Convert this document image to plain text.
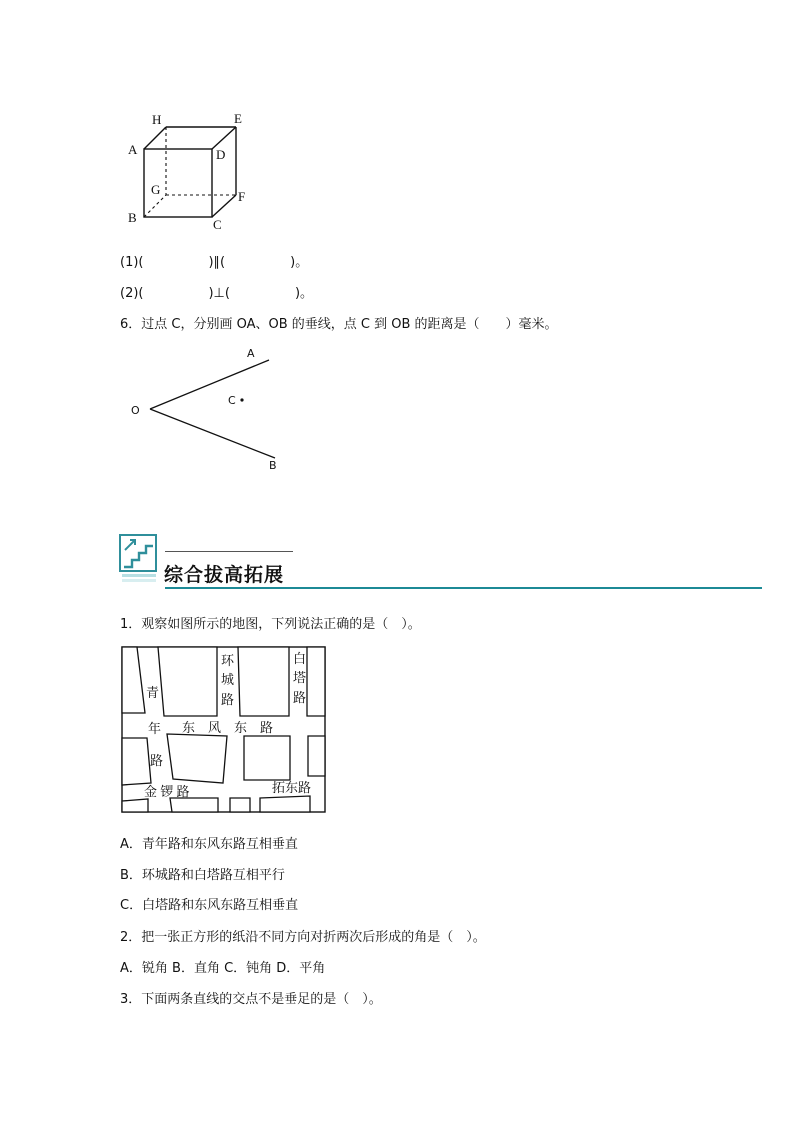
H	E
A	D
G	F
B	C
(1)(　　　　　)∥(　　　　　)。
(2)(　　　　　)⊥(　　　　　)。
6．过点 C，分别画 OA、OB 的垂线，点 C 到 OB 的距离是（　　）毫米。
A
O
C
B
综合拔高拓展
1．观察如图所示的地图，下列说法正确的是（　）。
青
年
路
环
城
路
白
塔
路
东　风　东　路
金 锣 路	拓东路
A．青年路和东风东路互相垂直
B．环城路和白塔路互相平行
C．白塔路和东风东路互相垂直
2．把一张正方形的纸沿不同方向对折两次后形成的角是（　）。
A．锐角 B．直角 C．钝角 D．平角
3．下面两条直线的交点不是垂足的是（　）。
